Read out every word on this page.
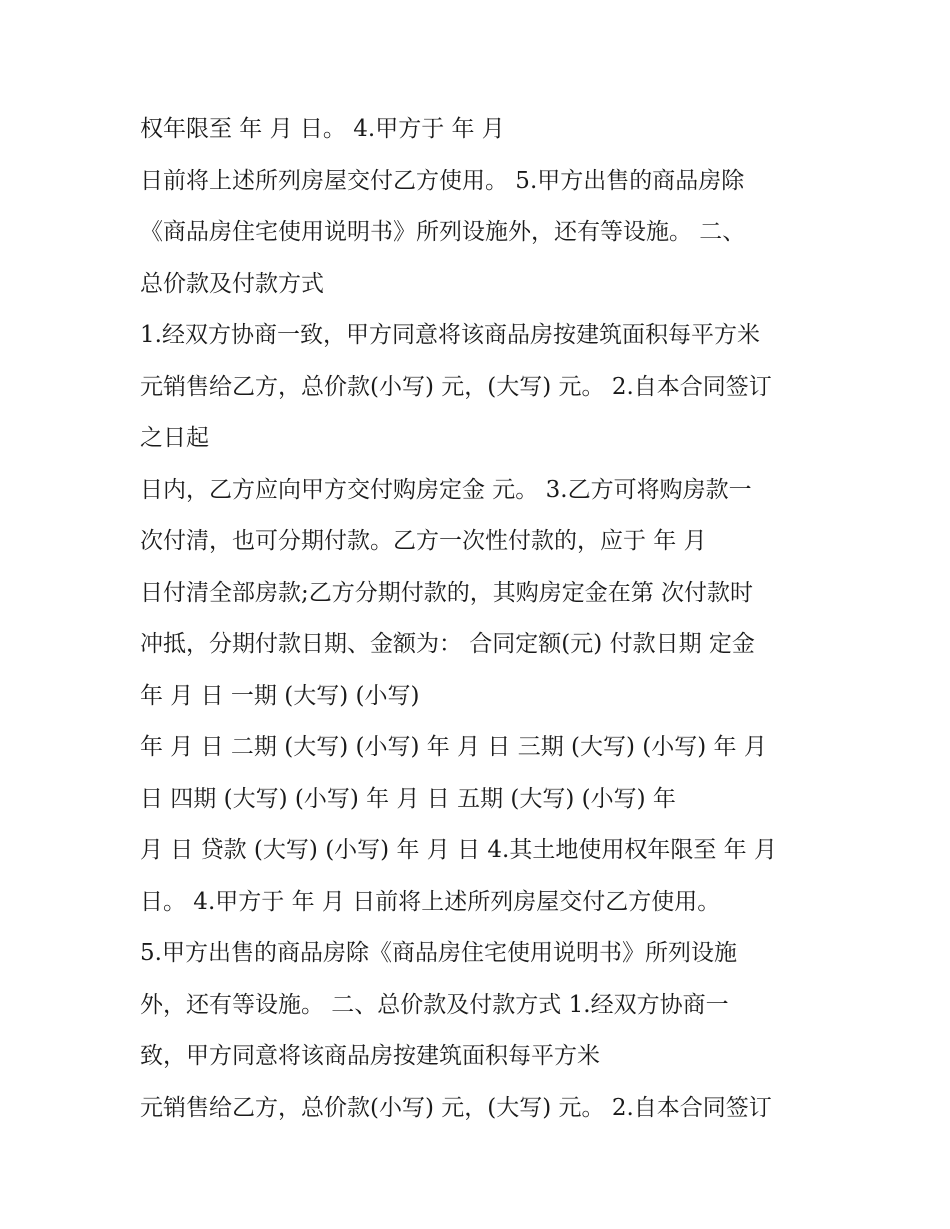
权年限至 年 月 日。 4.甲方于 年 月
日前将上述所列房屋交付乙方使用。 5.甲方出售的商品房除
《商品房住宅使用说明书》所列设施外，还有等设施。 二、
总价款及付款方式
1.经双方协商一致，甲方同意将该商品房按建筑面积每平方米
元销售给乙方，总价款(小写) 元，(大写) 元。 2.自本合同签订
之日起
日内，乙方应向甲方交付购房定金 元。 3.乙方可将购房款一
次付清，也可分期付款。乙方一次性付款的，应于 年 月
日付清全部房款;乙方分期付款的，其购房定金在第 次付款时
冲抵，分期付款日期、金额为： 合同定额(元) 付款日期 定金
年 月 日 一期 (大写) (小写)
年 月 日 二期 (大写) (小写) 年 月 日 三期 (大写) (小写) 年 月
日 四期 (大写) (小写) 年 月 日 五期 (大写) (小写) 年
月 日 贷款 (大写) (小写) 年 月 日 4.其土地使用权年限至 年 月
日。 4.甲方于 年 月 日前将上述所列房屋交付乙方使用。
5.甲方出售的商品房除《商品房住宅使用说明书》所列设施
外，还有等设施。 二、总价款及付款方式 1.经双方协商一
致，甲方同意将该商品房按建筑面积每平方米
元销售给乙方，总价款(小写) 元，(大写) 元。 2.自本合同签订
